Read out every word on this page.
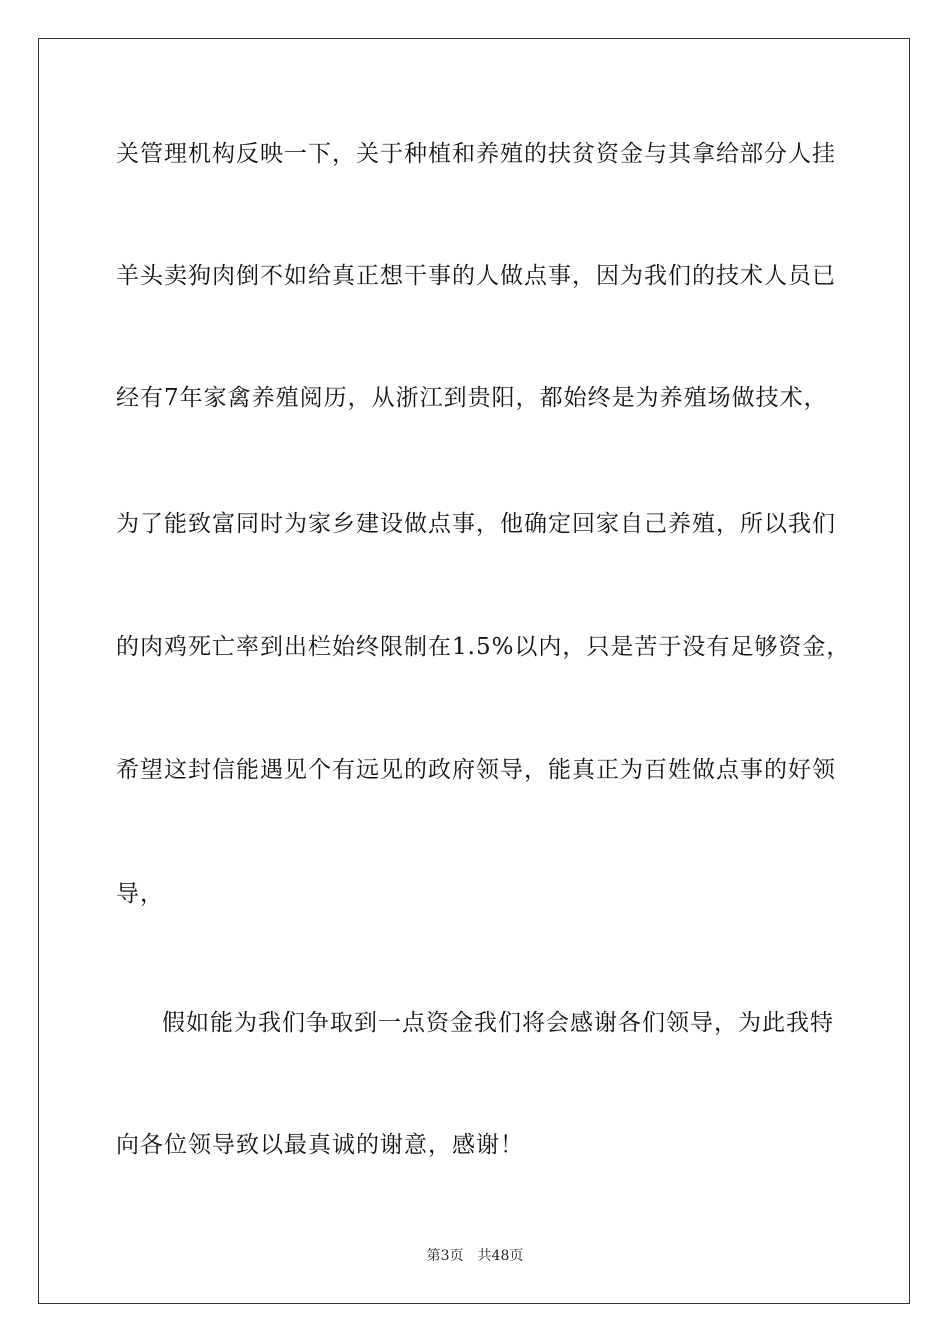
关管理机构反映一下，关于种植和养殖的扶贫资金与其拿给部分人挂
羊头卖狗肉倒不如给真正想干事的人做点事，因为我们的技术人员已
经有7年家禽养殖阅历，从浙江到贵阳，都始终是为养殖场做技术，
为了能致富同时为家乡建设做点事，他确定回家自己养殖，所以我们
的肉鸡死亡率到出栏始终限制在1.5%以内，只是苦于没有足够资金，
希望这封信能遇见个有远见的政府领导，能真正为百姓做点事的好领
导，
假如能为我们争取到一点资金我们将会感谢各们领导，为此我特
向各位领导致以最真诚的谢意，感谢！
第3页 共48页
